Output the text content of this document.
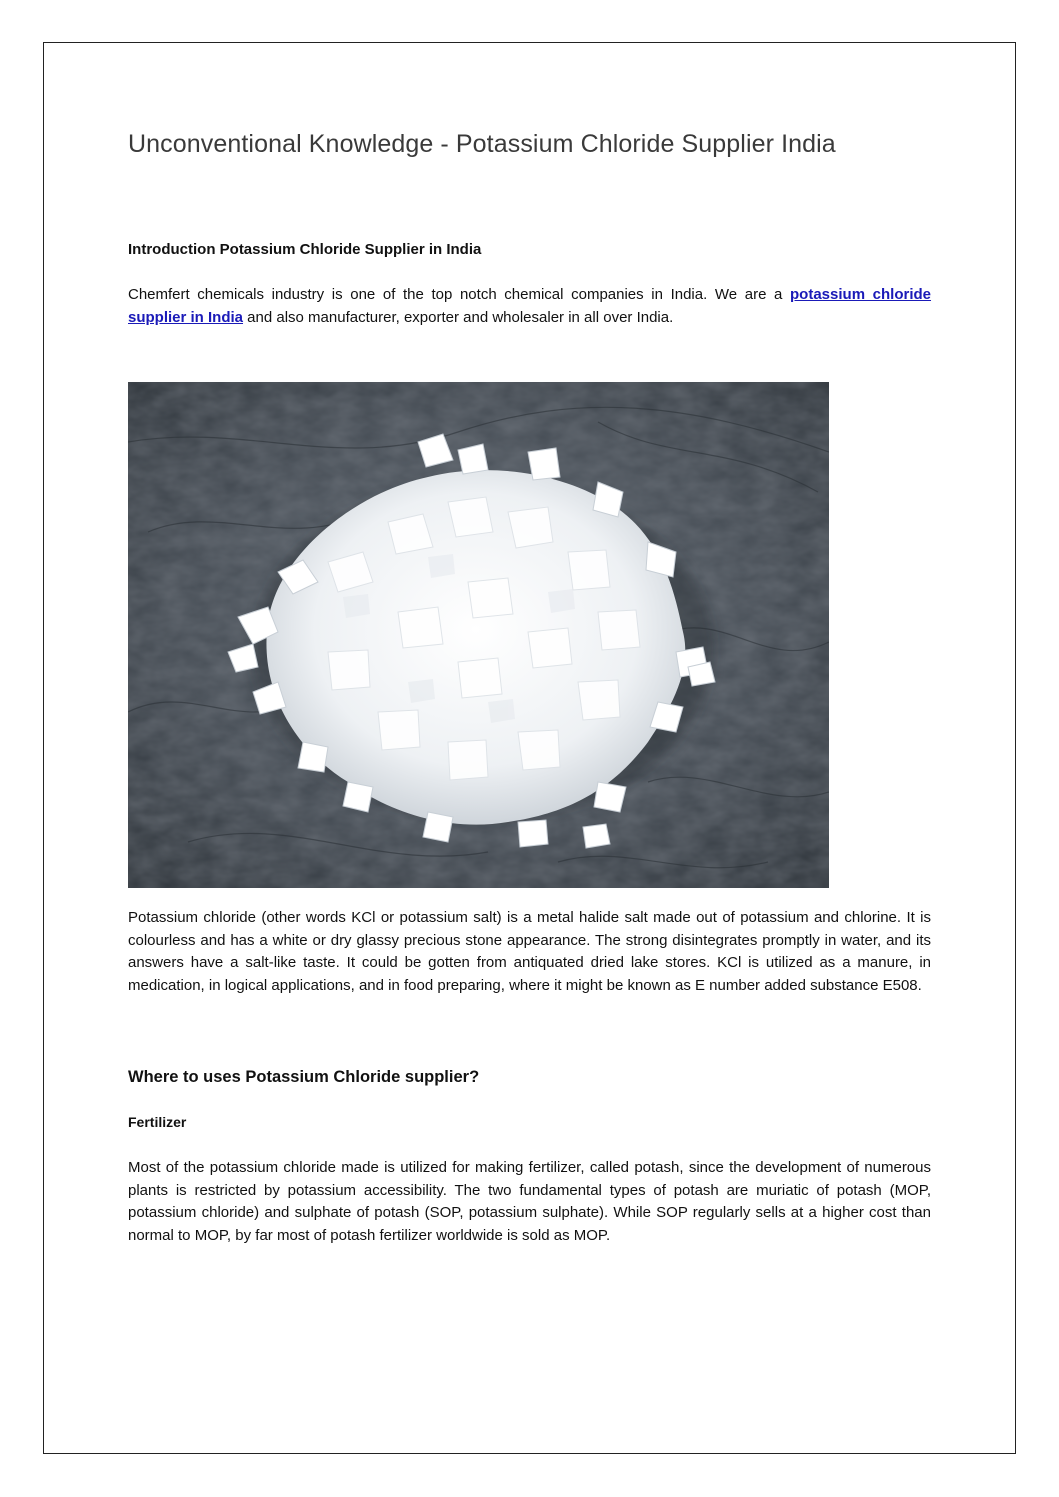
Unconventional Knowledge - Potassium Chloride Supplier India
Introduction Potassium Chloride Supplier in India

Chemfert chemicals industry is one of the top notch chemical companies in India. We are a potassium chloride supplier in India and also manufacturer, exporter and wholesaler in all over India.

Potassium chloride (other words KCl or potassium salt) is a metal halide salt made out of potassium and chlorine. It is colourless and has a white or dry glassy precious stone appearance. The strong disintegrates promptly in water, and its answers have a salt-like taste. It could be gotten from antiquated dried lake stores. KCl is utilized as a manure, in medication, in logical applications, and in food preparing, where it might be known as E number added substance E508.

Where to uses Potassium Chloride supplier?
Fertilizer

Most of the potassium chloride made is utilized for making fertilizer, called potash, since the development of numerous plants is restricted by potassium accessibility. The two fundamental types of potash are muriatic of potash (MOP, potassium chloride) and sulphate of potash (SOP, potassium sulphate). While SOP regularly sells at a higher cost than normal to MOP, by far most of potash fertilizer worldwide is sold as MOP.
